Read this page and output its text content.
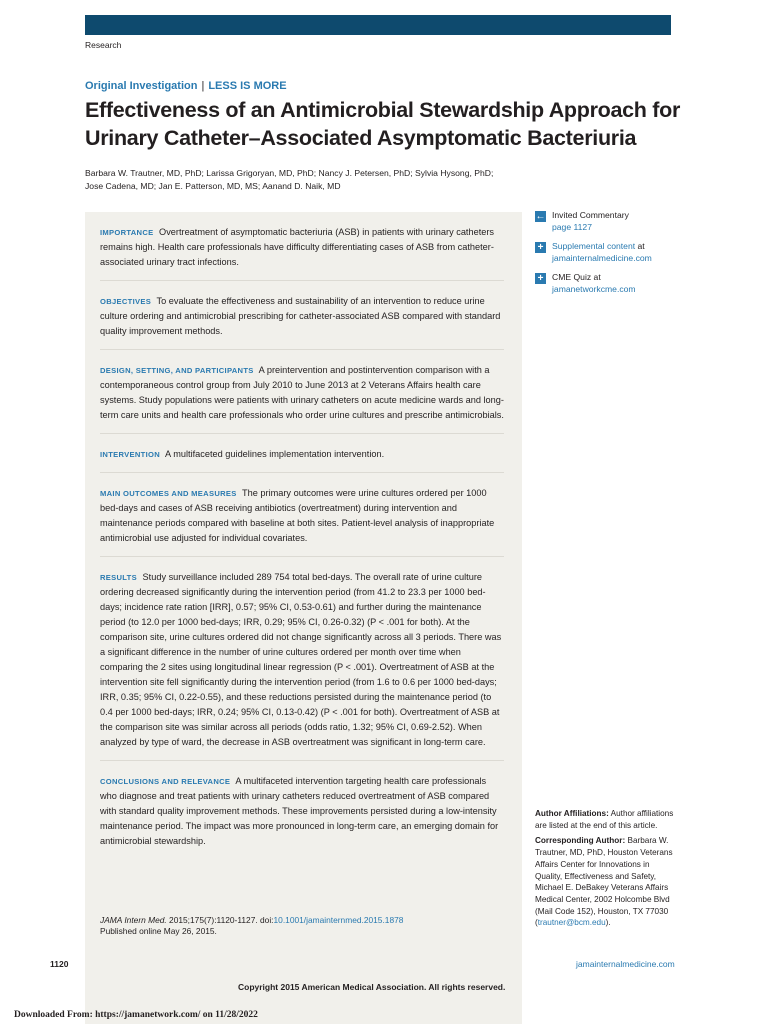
Research
Original Investigation | LESS IS MORE
Effectiveness of an Antimicrobial Stewardship Approach for Urinary Catheter–Associated Asymptomatic Bacteriuria
Barbara W. Trautner, MD, PhD; Larissa Grigoryan, MD, PhD; Nancy J. Petersen, PhD; Sylvia Hysong, PhD; Jose Cadena, MD; Jan E. Patterson, MD, MS; Aanand D. Naik, MD

IMPORTANCE Overtreatment of asymptomatic bacteriuria (ASB) in patients with urinary catheters remains high. Health care professionals have difficulty differentiating cases of ASB from catheter-associated urinary tract infections.

OBJECTIVES To evaluate the effectiveness and sustainability of an intervention to reduce urine culture ordering and antimicrobial prescribing for catheter-associated ASB compared with standard quality improvement methods.

DESIGN, SETTING, AND PARTICIPANTS A preintervention and postintervention comparison with a contemporaneous control group from July 2010 to June 2013 at 2 Veterans Affairs health care systems. Study populations were patients with urinary catheters on acute medicine wards and long-term care units and health care professionals who order urine cultures and prescribe antimicrobials.

INTERVENTION A multifaceted guidelines implementation intervention.

MAIN OUTCOMES AND MEASURES The primary outcomes were urine cultures ordered per 1000 bed-days and cases of ASB receiving antibiotics (overtreatment) during intervention and maintenance periods compared with baseline at both sites. Patient-level analysis of inappropriate antimicrobial use adjusted for individual covariates.

RESULTS Study surveillance included 289 754 total bed-days. The overall rate of urine culture ordering decreased significantly during the intervention period (from 41.2 to 23.3 per 1000 bed-days; incidence rate ration [IRR], 0.57; 95% CI, 0.53-0.61) and further during the maintenance period (to 12.0 per 1000 bed-days; IRR, 0.29; 95% CI, 0.26-0.32) (P < .001 for both). At the comparison site, urine cultures ordered did not change significantly across all 3 periods. There was a significant difference in the number of urine cultures ordered per month over time when comparing the 2 sites using longitudinal linear regression (P < .001). Overtreatment of ASB at the intervention site fell significantly during the intervention period (from 1.6 to 0.6 per 1000 bed-days; IRR, 0.35; 95% CI, 0.22-0.55), and these reductions persisted during the maintenance period (to 0.4 per 1000 bed-days; IRR, 0.24; 95% CI, 0.13-0.42) (P < .001 for both). Overtreatment of ASB at the comparison site was similar across all periods (odds ratio, 1.32; 95% CI, 0.69-2.52). When analyzed by type of ward, the decrease in ASB overtreatment was significant in long-term care.

CONCLUSIONS AND RELEVANCE A multifaceted intervention targeting health care professionals who diagnose and treat patients with urinary catheters reduced overtreatment of ASB compared with standard quality improvement methods. These improvements persisted during a low-intensity maintenance period. The impact was more pronounced in long-term care, an emerging domain for antimicrobial stewardship.

JAMA Intern Med. 2015;175(7):1120-1127. doi:10.1001/jamainternmed.2015.1878
Published online May 26, 2015.
← Invited Commentary
page 1127
+ Supplemental content at
jamainternalmedicine.com
+ CME Quiz at
jamanetworkcme.com

Author Affiliations: Author affiliations are listed at the end of this article.

Corresponding Author: Barbara W. Trautner, MD, PhD, Houston Veterans Affairs Center for Innovations in Quality, Effectiveness and Safety, Michael E. DeBakey Veterans Affairs Medical Center, 2002 Holcombe Blvd (Mail Code 152), Houston, TX 77030 (trautner@bcm.edu).

1120	jamainternalmedicine.com
Copyright 2015 American Medical Association. All rights reserved.
Downloaded From: https://jamanetwork.com/ on 11/28/2022
